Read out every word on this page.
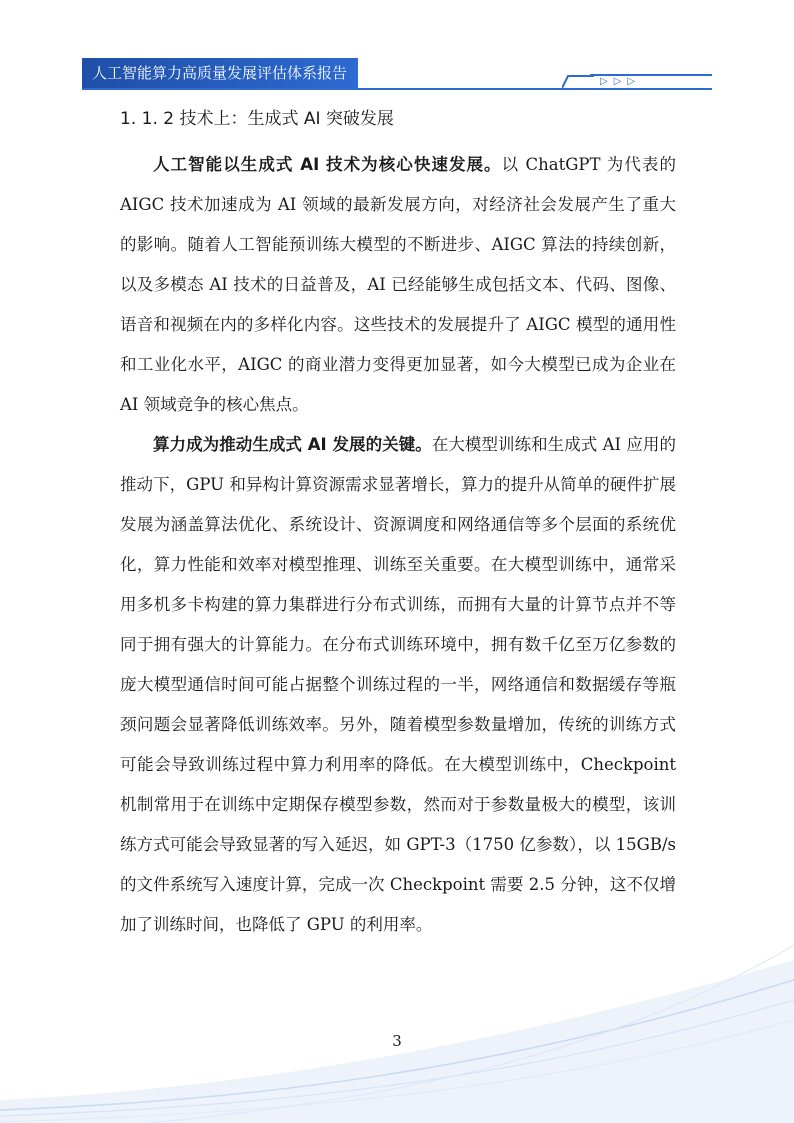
人工智能算力高质量发展评估体系报告	▷▷▷
1. 1. 2 技术上：生成式 AI 突破发展

人工智能以生成式 AI 技术为核心快速发展。以 ChatGPT 为代表的 AIGC 技术加速成为 AI 领域的最新发展方向，对经济社会发展产生了重大的影响。随着人工智能预训练大模型的不断进步、AIGC 算法的持续创新，以及多模态 AI 技术的日益普及，AI 已经能够生成包括文本、代码、图像、语音和视频在内的多样化内容。这些技术的发展提升了 AIGC 模型的通用性和工业化水平，AIGC 的商业潜力变得更加显著，如今大模型已成为企业在 AI 领域竞争的核心焦点。

算力成为推动生成式 AI 发展的关键。在大模型训练和生成式 AI 应用的推动下，GPU 和异构计算资源需求显著增长，算力的提升从简单的硬件扩展发展为涵盖算法优化、系统设计、资源调度和网络通信等多个层面的系统优化，算力性能和效率对模型推理、训练至关重要。在大模型训练中，通常采用多机多卡构建的算力集群进行分布式训练，而拥有大量的计算节点并不等同于拥有强大的计算能力。在分布式训练环境中，拥有数千亿至万亿参数的庞大模型通信时间可能占据整个训练过程的一半，网络通信和数据缓存等瓶颈问题会显著降低训练效率。另外，随着模型参数量增加，传统的训练方式可能会导致训练过程中算力利用率的降低。在大模型训练中，Checkpoint 机制常用于在训练中定期保存模型参数，然而对于参数量极大的模型，该训练方式可能会导致显著的写入延迟，如 GPT-3（1750 亿参数），以 15GB/s 的文件系统写入速度计算，完成一次 Checkpoint 需要 2.5 分钟，这不仅增加了训练时间，也降低了 GPU 的利用率。

3
